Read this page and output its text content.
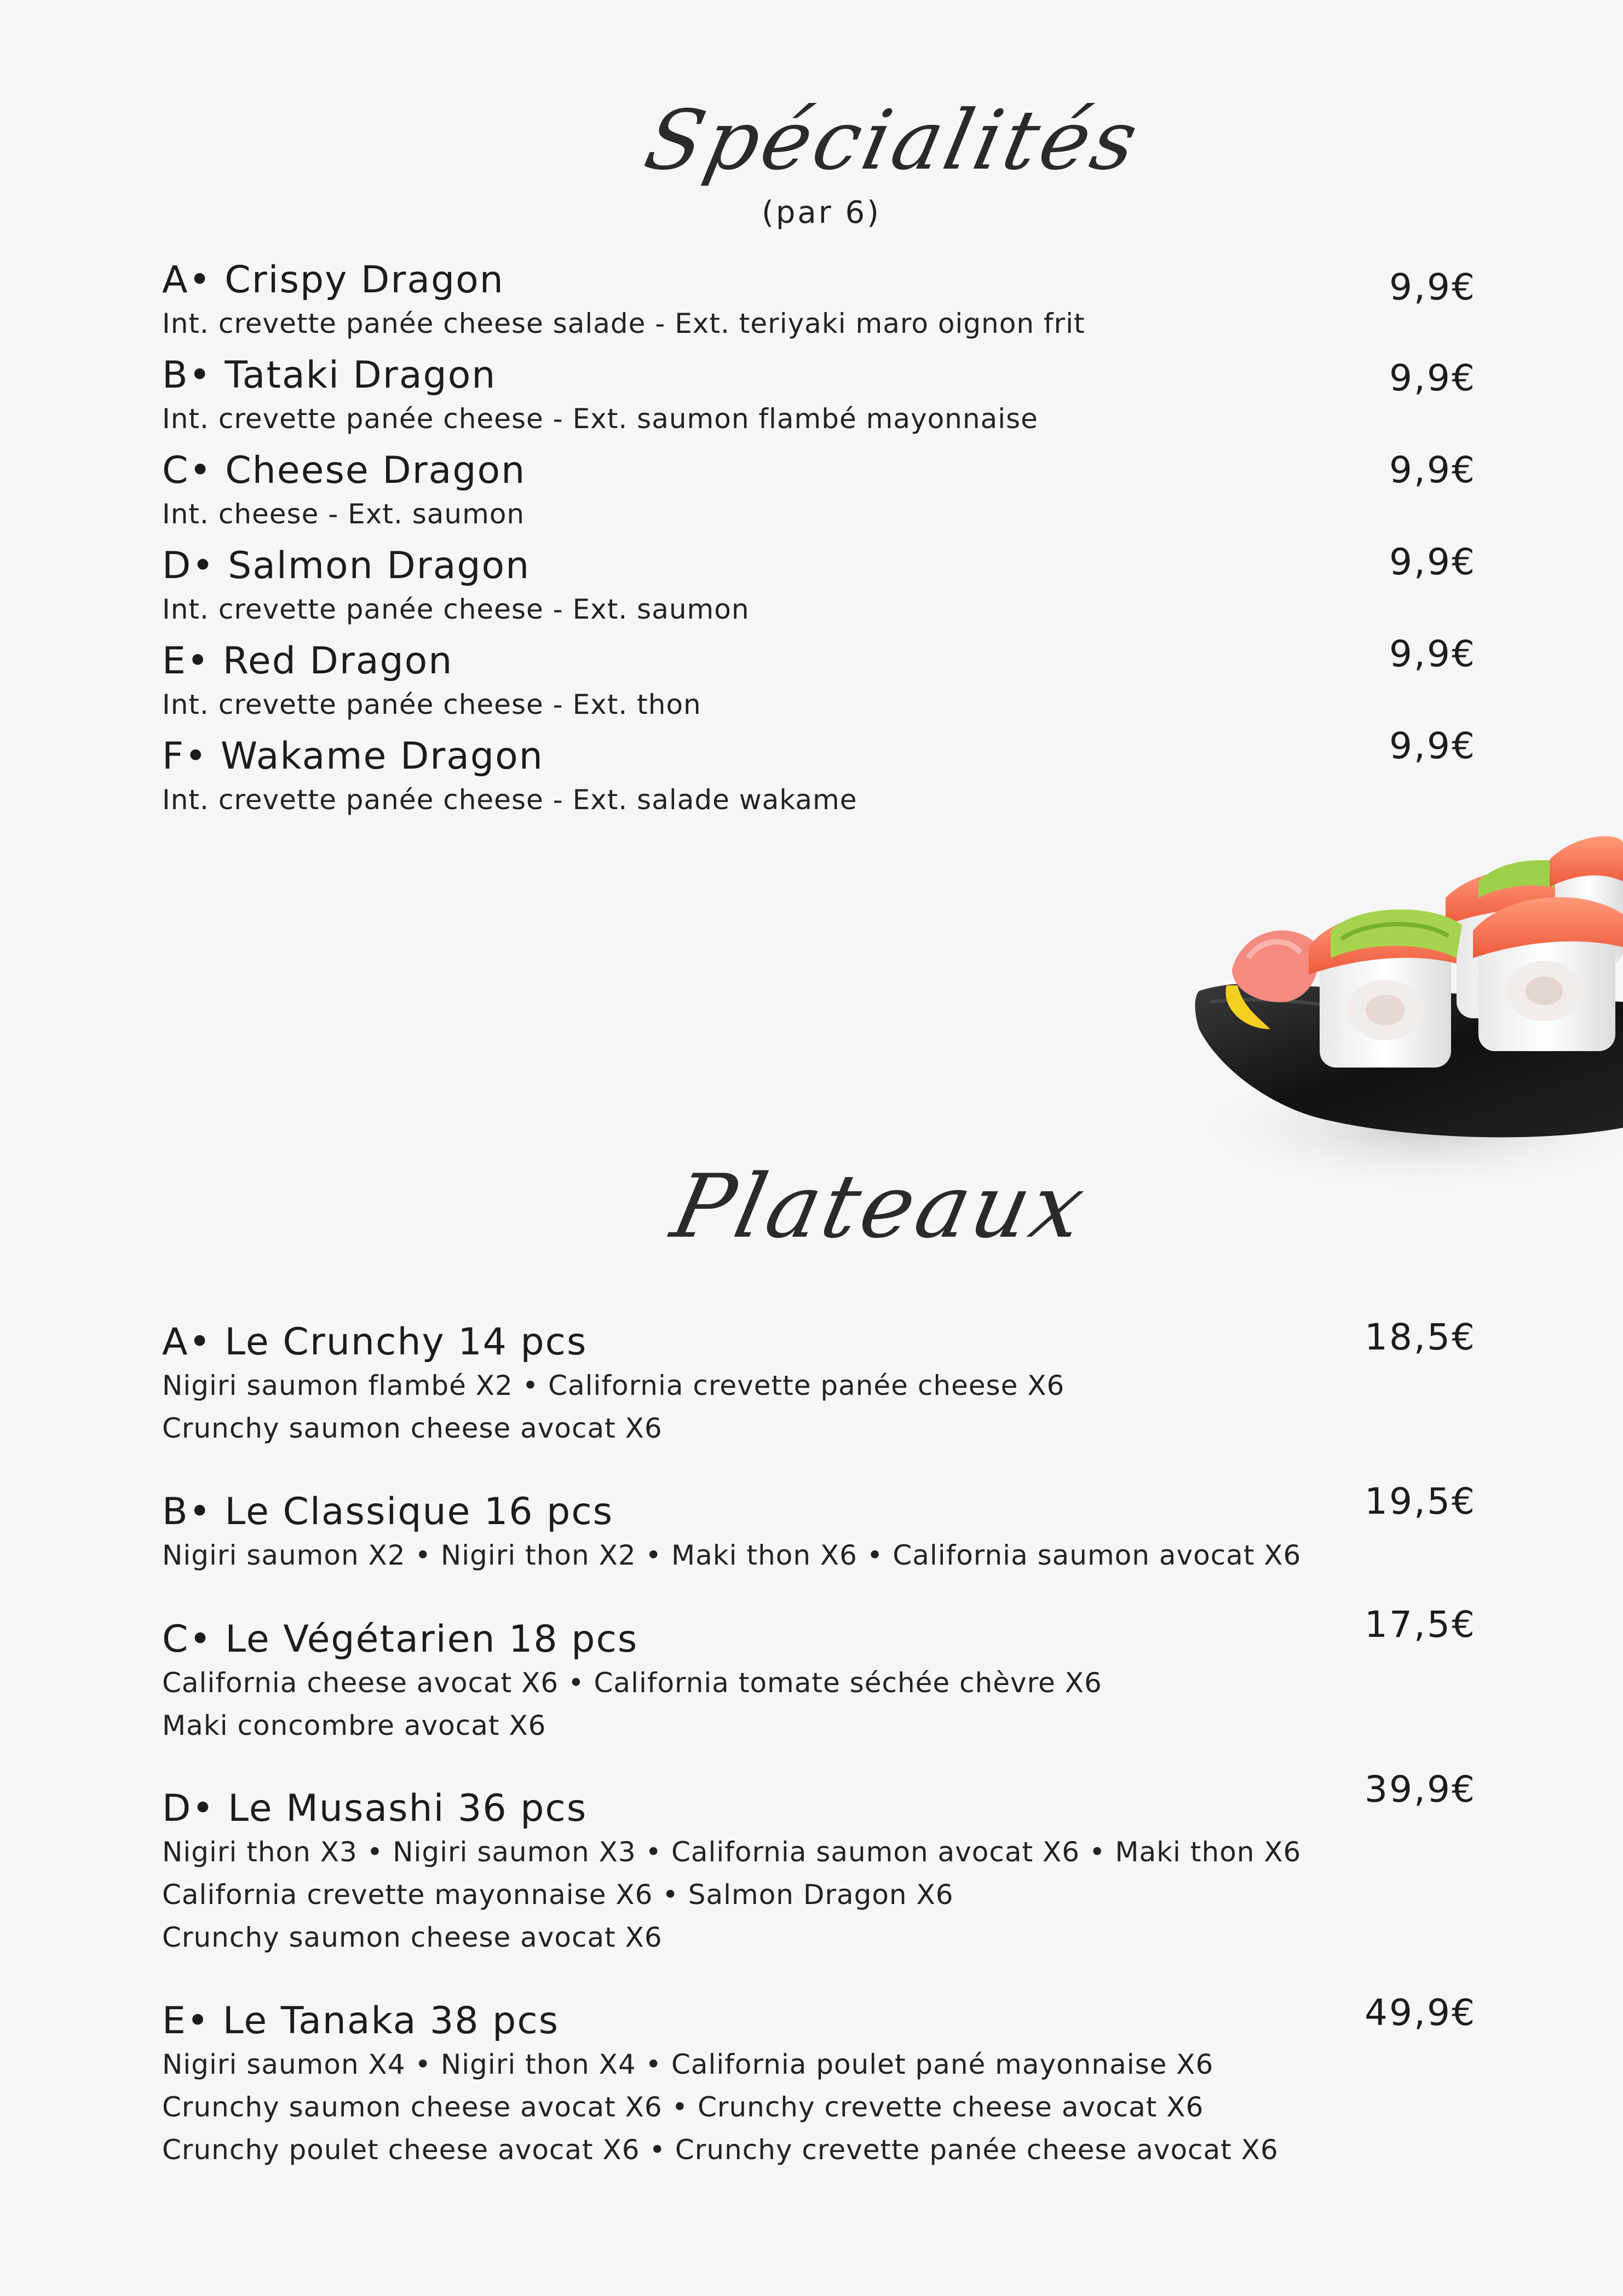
Spécialités
(par 6)
A• Crispy Dragon
Int. crevette panée cheese salade - Ext. teriyaki maro oignon frit
9,9€
B• Tataki Dragon
Int. crevette panée cheese - Ext. saumon flambé mayonnaise
9,9€
C• Cheese Dragon
Int. cheese - Ext. saumon
9,9€
D• Salmon Dragon
Int. crevette panée cheese - Ext. saumon
9,9€
E• Red Dragon
Int. crevette panée cheese - Ext. thon
9,9€
F• Wakame Dragon
Int. crevette panée cheese - Ext. salade wakame
9,9€
Plateaux
A• Le Crunchy 14 pcs
Nigiri saumon flambé X2 • California crevette panée cheese X6
Crunchy saumon cheese avocat X6
18,5€
B• Le Classique 16 pcs
Nigiri saumon X2 • Nigiri thon X2 • Maki thon X6 • California saumon avocat X6
19,5€
C• Le Végétarien 18 pcs
California cheese avocat X6 • California tomate séchée chèvre X6
Maki concombre avocat X6
17,5€
D• Le Musashi 36 pcs
Nigiri thon X3 • Nigiri saumon X3 • California saumon avocat X6 • Maki thon X6
California crevette mayonnaise X6 • Salmon Dragon X6
Crunchy saumon cheese avocat X6
39,9€
E• Le Tanaka 38 pcs
Nigiri saumon X4 • Nigiri thon X4 • California poulet pané mayonnaise X6
Crunchy saumon cheese avocat X6 • Crunchy crevette cheese avocat X6
Crunchy poulet cheese avocat X6 • Crunchy crevette panée cheese avocat X6
49,9€
